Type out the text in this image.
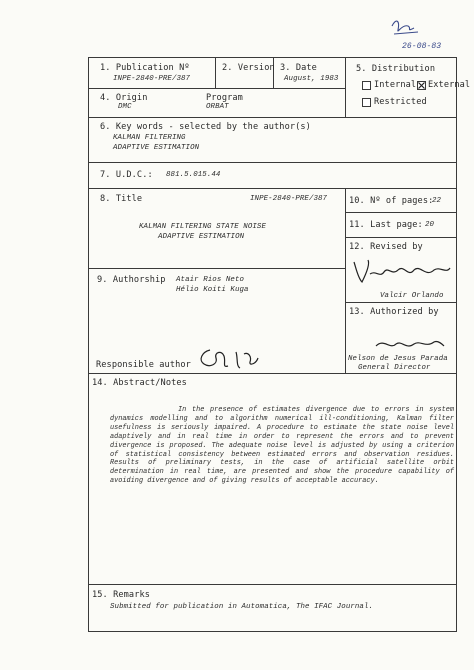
26-08-83
1. Publication Nº
INPE-2840-PRE/387
2. Version 3. Date
August, 1983
4. Origin
DMC
Program
ORBAT
5. Distribution
Internal External
Restricted
6. Key words - selected by the author(s)
KALMAN FILTERING
ADAPTIVE ESTIMATION
7. U.D.C.: 881.5.015.44
8. Title	INPE-2840-PRE/387
KALMAN FILTERING STATE NOISE
ADAPTIVE ESTIMATION
9. Authorship Atair Rios Neto
Hélio Koiti Kuga
Responsible author
10. Nº of pages:
22
11. Last page: 20
12. Revised by
Valcir Orlando
13. Authorized by
Nelson de Jesus Parada
General Director
14. Abstract/Notes
In the presence of estimates divergence due to errors in system dynamics modelling and to algorithm numerical ill-conditioning, Kalman filter usefulness is seriously impaired. A procedure to estimate the state noise level adaptively and in real time in order to represent the errors and to prevent divergence is proposed. The adequate noise level is adjusted by using a criterion of statistical consistency between estimated errors and observation residues. Results of preliminary tests, in the case of artificial satellite orbit determination in real time, are presented and show the procedure capability of avoiding divergence and of giving results of acceptable accuracy.
15. Remarks
Submitted for publication in Automatica, The IFAC Journal.
